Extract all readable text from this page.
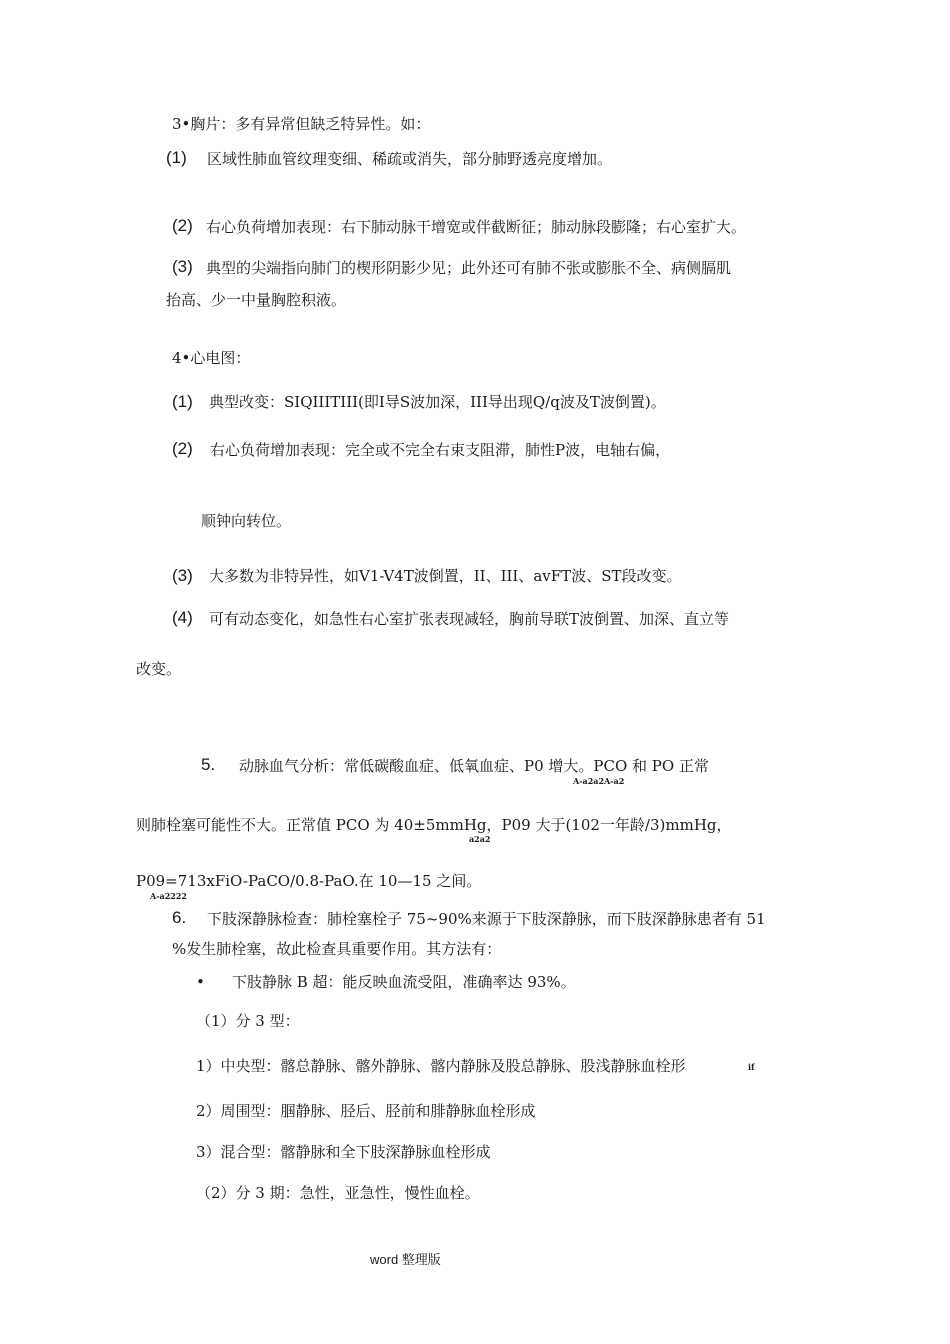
3•胸片：多有异常但缺乏特异性。如：
(1) 区域性肺血管纹理变细、稀疏或消失，部分肺野透亮度增加。
(2) 右心负荷增加表现：右下肺动脉干增宽或伴截断征；肺动脉段膨隆；右心室扩大。
(3) 典型的尖端指向肺门的楔形阴影少见；此外还可有肺不张或膨胀不全、病侧膈肌
抬高、少一中量胸腔积液。
4•心电图：
(1) 典型改变：SIQIIITIII(即Ⅰ导S波加深，III导出现Q/q波及T波倒置)。
(2) 右心负荷增加表现：完全或不完全右束支阻滞，肺性P波，电轴右偏，
顺钟向转位。
(3) 大多数为非特异性，如V1-V4T波倒置，II、III、avFT波、ST段改变。
(4) 可有动态变化，如急性右心室扩张表现减轻，胸前导联T波倒置、加深、直立等
改变。
5. 动脉血气分析：常低碳酸血症、低氧血症、P0 增大。PCO 和 PO 正常
A-a2a2A-a2
则肺栓塞可能性不大。正常值 PCO 为 40±5mmHg，P09 大于(102一年龄/3)mmHg，
a2a2
P09=713xFiO-PaCO/0.8-PaO.在 10—15 之间。
A-a2222
6. 下肢深静脉检查：肺栓塞栓子 75~90%来源于下肢深静脉，而下肢深静脉患者有 51
%发生肺栓塞，故此检查具重要作用。其方法有：
• 下肢静脉 B 超：能反映血流受阻，准确率达 93%。
（1）分 3 型：
1）中央型：髂总静脉、髂外静脉、髂内静脉及股总静脉、股浅静脉血栓形	if
2）周围型：腘静脉、胫后、胫前和腓静脉血栓形成
3）混合型：髂静脉和全下肢深静脉血栓形成
（2）分 3 期：急性，亚急性，慢性血栓。
word 整理版
